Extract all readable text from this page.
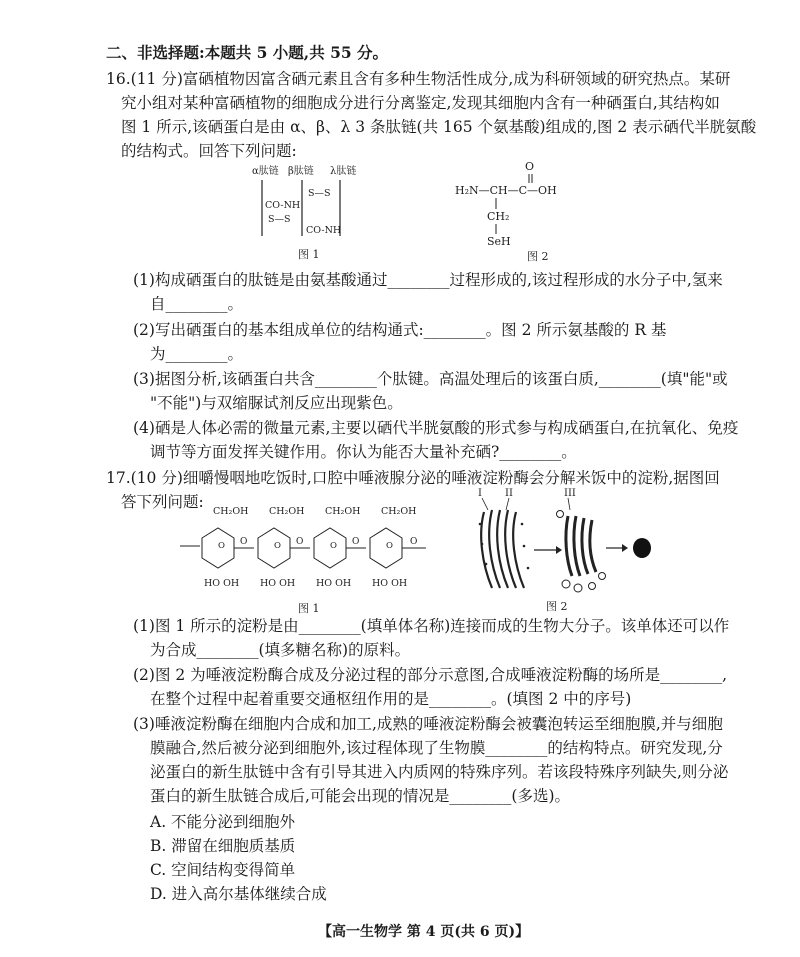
二、非选择题:本题共 5 小题,共 55 分。
16.(11 分)富硒植物因富含硒元素且含有多种生物活性成分,成为科研领域的研究热点。某研
究小组对某种富硒植物的细胞成分进行分离鉴定,发现其细胞内含有一种硒蛋白,其结构如
图 1 所示,该硒蛋白是由 α、β、λ 3 条肽链(共 165 个氨基酸)组成的,图 2 表示硒代半胱氨酸
的结构式。回答下列问题:
α肽链 β肽链 λ肽链
CO-NH
S—S
S—S
CO-NH
图 1
O
H₂N—CH—C—OH
CH₂
SeH
图 2
(1)构成硒蛋白的肽链是由氨基酸通过________过程形成的,该过程形成的水分子中,氢来
自________。
(2)写出硒蛋白的基本组成单位的结构通式:________。图 2 所示氨基酸的 R 基
为________。
(3)据图分析,该硒蛋白共含________个肽键。高温处理后的该蛋白质,________(填"能"或
"不能")与双缩脲试剂反应出现紫色。
(4)硒是人体必需的微量元素,主要以硒代半胱氨酸的形式参与构成硒蛋白,在抗氧化、免疫
调节等方面发挥关键作用。你认为能否大量补充硒?________。
17.(10 分)细嚼慢咽地吃饭时,口腔中唾液腺分泌的唾液淀粉酶会分解米饭中的淀粉,据图回
答下列问题:
CH₂OH
O O
HO OH
CH₂OH
O O
HO OH
CH₂OH
O O
HO OH
CH₂OH
O O
HO OH
图 1
I II	III
图 2
(1)图 1 所示的淀粉是由________(填单体名称)连接而成的生物大分子。该单体还可以作
为合成________(填多糖名称)的原料。
(2)图 2 为唾液淀粉酶合成及分泌过程的部分示意图,合成唾液淀粉酶的场所是________,
在整个过程中起着重要交通枢纽作用的是________。(填图 2 中的序号)
(3)唾液淀粉酶在细胞内合成和加工,成熟的唾液淀粉酶会被囊泡转运至细胞膜,并与细胞
膜融合,然后被分泌到细胞外,该过程体现了生物膜________的结构特点。研究发现,分
泌蛋白的新生肽链中含有引导其进入内质网的特殊序列。若该段特殊序列缺失,则分泌
蛋白的新生肽链合成后,可能会出现的情况是________(多选)。
A. 不能分泌到细胞外
B. 滞留在细胞质基质
C. 空间结构变得简单
D. 进入高尔基体继续合成
【高一生物学 第 4 页(共 6 页)】
